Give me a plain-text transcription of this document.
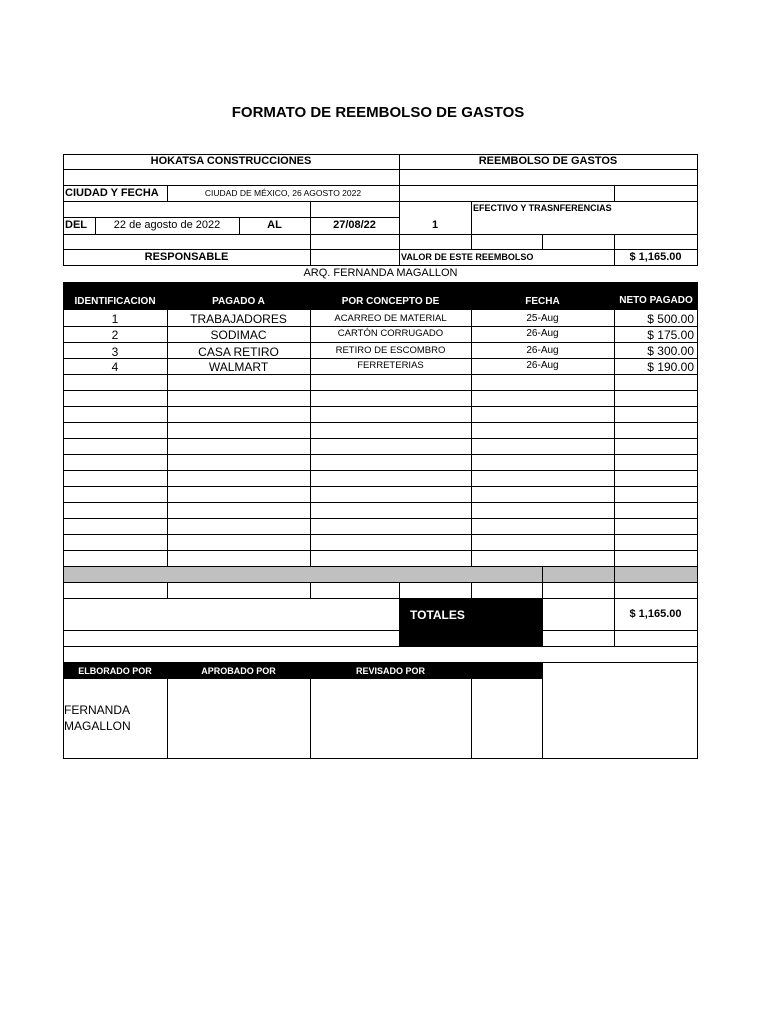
FORMATO DE REEMBOLSO DE GASTOS
HOKATSA CONSTRUCCIONES	REEMBOLSO DE GASTOS
CIUDAD Y FECHA	CIUDAD DE MÉXICO, 26 AGOSTO 2022
EFECTIVO Y TRASNFERENCIAS
DEL	22 de agosto de 2022	AL	27/08/22	1
RESPONSABLE	VALOR DE ESTE REEMBOLSO	$ 1,165.00
ARQ. FERNANDA MAGALLON
IDENTIFICACION	PAGADO A	POR CONCEPTO DE	FECHA	NETO PAGADO
1	TRABAJADORES	ACARREO DE MATERIAL	25-Aug	$ 500.00
2	SODIMAC	CARTÓN CORRUGADO	26-Aug	$ 175.00
3	CASA RETIRO	RETIRO DE ESCOMBRO	26-Aug	$ 300.00
4	WALMART	FERRETERIAS	26-Aug	$ 190.00
TOTALES	$ 1,165.00
ELBORADO POR	APROBADO POR	REVISADO POR
FERNANDA
MAGALLON
